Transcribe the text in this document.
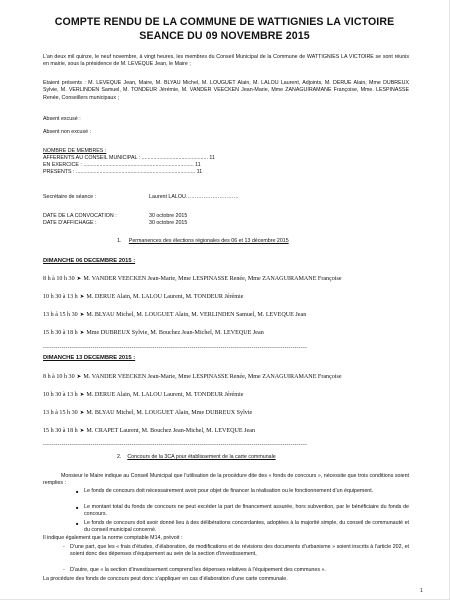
COMPTE RENDU DE LA COMMUNE DE WATTIGNIES LA VICTOIRE
SEANCE DU 09 NOVEMBRE 2015
L’an deux mil quinze, le neuf novembre, à vingt heures, les membres du Conseil Municipal de la Commune de WATTIGNIES LA VICTOIRE se sont réunis en mairie, sous la présidence de M. LEVEQUE Jean, le Maire ;
Etaient présents : M. LEVEQUE Jean, Maire, M. BLYAU Michel, M. LOUGUET Alain, M. LALOU Laurent, Adjoints, M. DERUE Alain, Mme DUBREUX Sylvie, M. VERLINDEN Samuel, M. TONDEUR Jérémie, M. VANDER VEECKEN Jean-Marie, Mme ZANAGUIRAMANE Françoise, Mme. LESPINASSE Renée, Conseillers municipaux ;
Absent excusé :
Absent non excusé :
NOMBRE DE MEMBRES :
AFFERENTS AU CONSEIL MUNICIPAL : ............................................. 11
EN EXERCICE : ........................................................................... 11
PRESENTS : ................................................................................. 11
Secrétaire de séance :	Laurent LALOU…………………………
DATE DE LA CONVOCATION :	30 octobre 2015
DATE D’AFFICHAGE :	30 octobre 2015
1. Permanences des élections régionales des 06 et 13 décembre 2015
DIMANCHE 06 DECEMBRE 2015 :
8 h à 10 h 30 ➤ M. VANDER VEECKEN Jean-Marie, Mme LESPINASSE Renée, Mme ZANAGUIRAMANE Françoise
10 h 30 à 13 h ➤ M. DERUE Alain, M. LALOU Laurent, M. TONDEUR Jérémie
13 h à 15 h 30 ➤ M. BLYAU Michel, M. LOUGUET Alain, M. VERLINDEN Samuel, M. LEVEQUE Jean
15 h 30 à 18 h ➤ Mme DUBREUX Sylvie, M. Bouchez Jean-Michel, M. LEVEQUE Jean
--------------------------------------------------------------------------------------------------------------------------------
DIMANCHE 13 DECEMBRE 2015 :
8 h à 10 h 30 ➤ M. VANDER VEECKEN Jean-Marie, Mme LESPINASSE Renée, Mme ZANAGUIRAMANE Françoise
10 h 30 à 13 h ➤ M. DERUE Alain, M. LALOU Laurent, M. TONDEUR Jérémie
13 h à 15 h 30 ➤ M. BLYAU Michel, M. LOUGUET Alain, Mme DUBREUX Sylvie
15 h 30 à 18 h ➤ M. CRAPET Laurent, M. Bouchez Jean-Michel, M. LEVEQUE Jean
--------------------------------------------------------------------------------------------------------------------------------
2. Concours de la 3CA pour établissement de la carte communale
Monsieur le Maire indique au Conseil Municipal que l’utilisation de la procédure dite des « fonds de concours », nécessite que trois conditions soient remplies :
■ Le fonds de concours doit nécessairement avoir pour objet de financer la réalisation ou le fonctionnement d’un équipement.
■ Le montant total du fonds de concours ne peut excéder la part de financement assurée, hors subvention, par le bénéficiaire du fonds de concours.
■ Le fonds de concours doit avoir donné lieu à des délibérations concordantes, adoptées à la majorité simple, du conseil de communauté et du conseil municipal concerné.
Il indique également que la norme comptable M14, prévoit :
- D’une part, que les « frais d’études, d’élaboration, de modifications et de révisions des documents d’urbanisme » soient inscrits à l’article 202, et soient donc des dépenses d’équipement au sein de la section d’investissement,
- D’autre, que « la section d’investissement comprend les dépenses relatives à l’équipement des communes ».
La procédure des fonds de concours peut donc s’appliquer en cas d’élaboration d’une carte communale.
1
